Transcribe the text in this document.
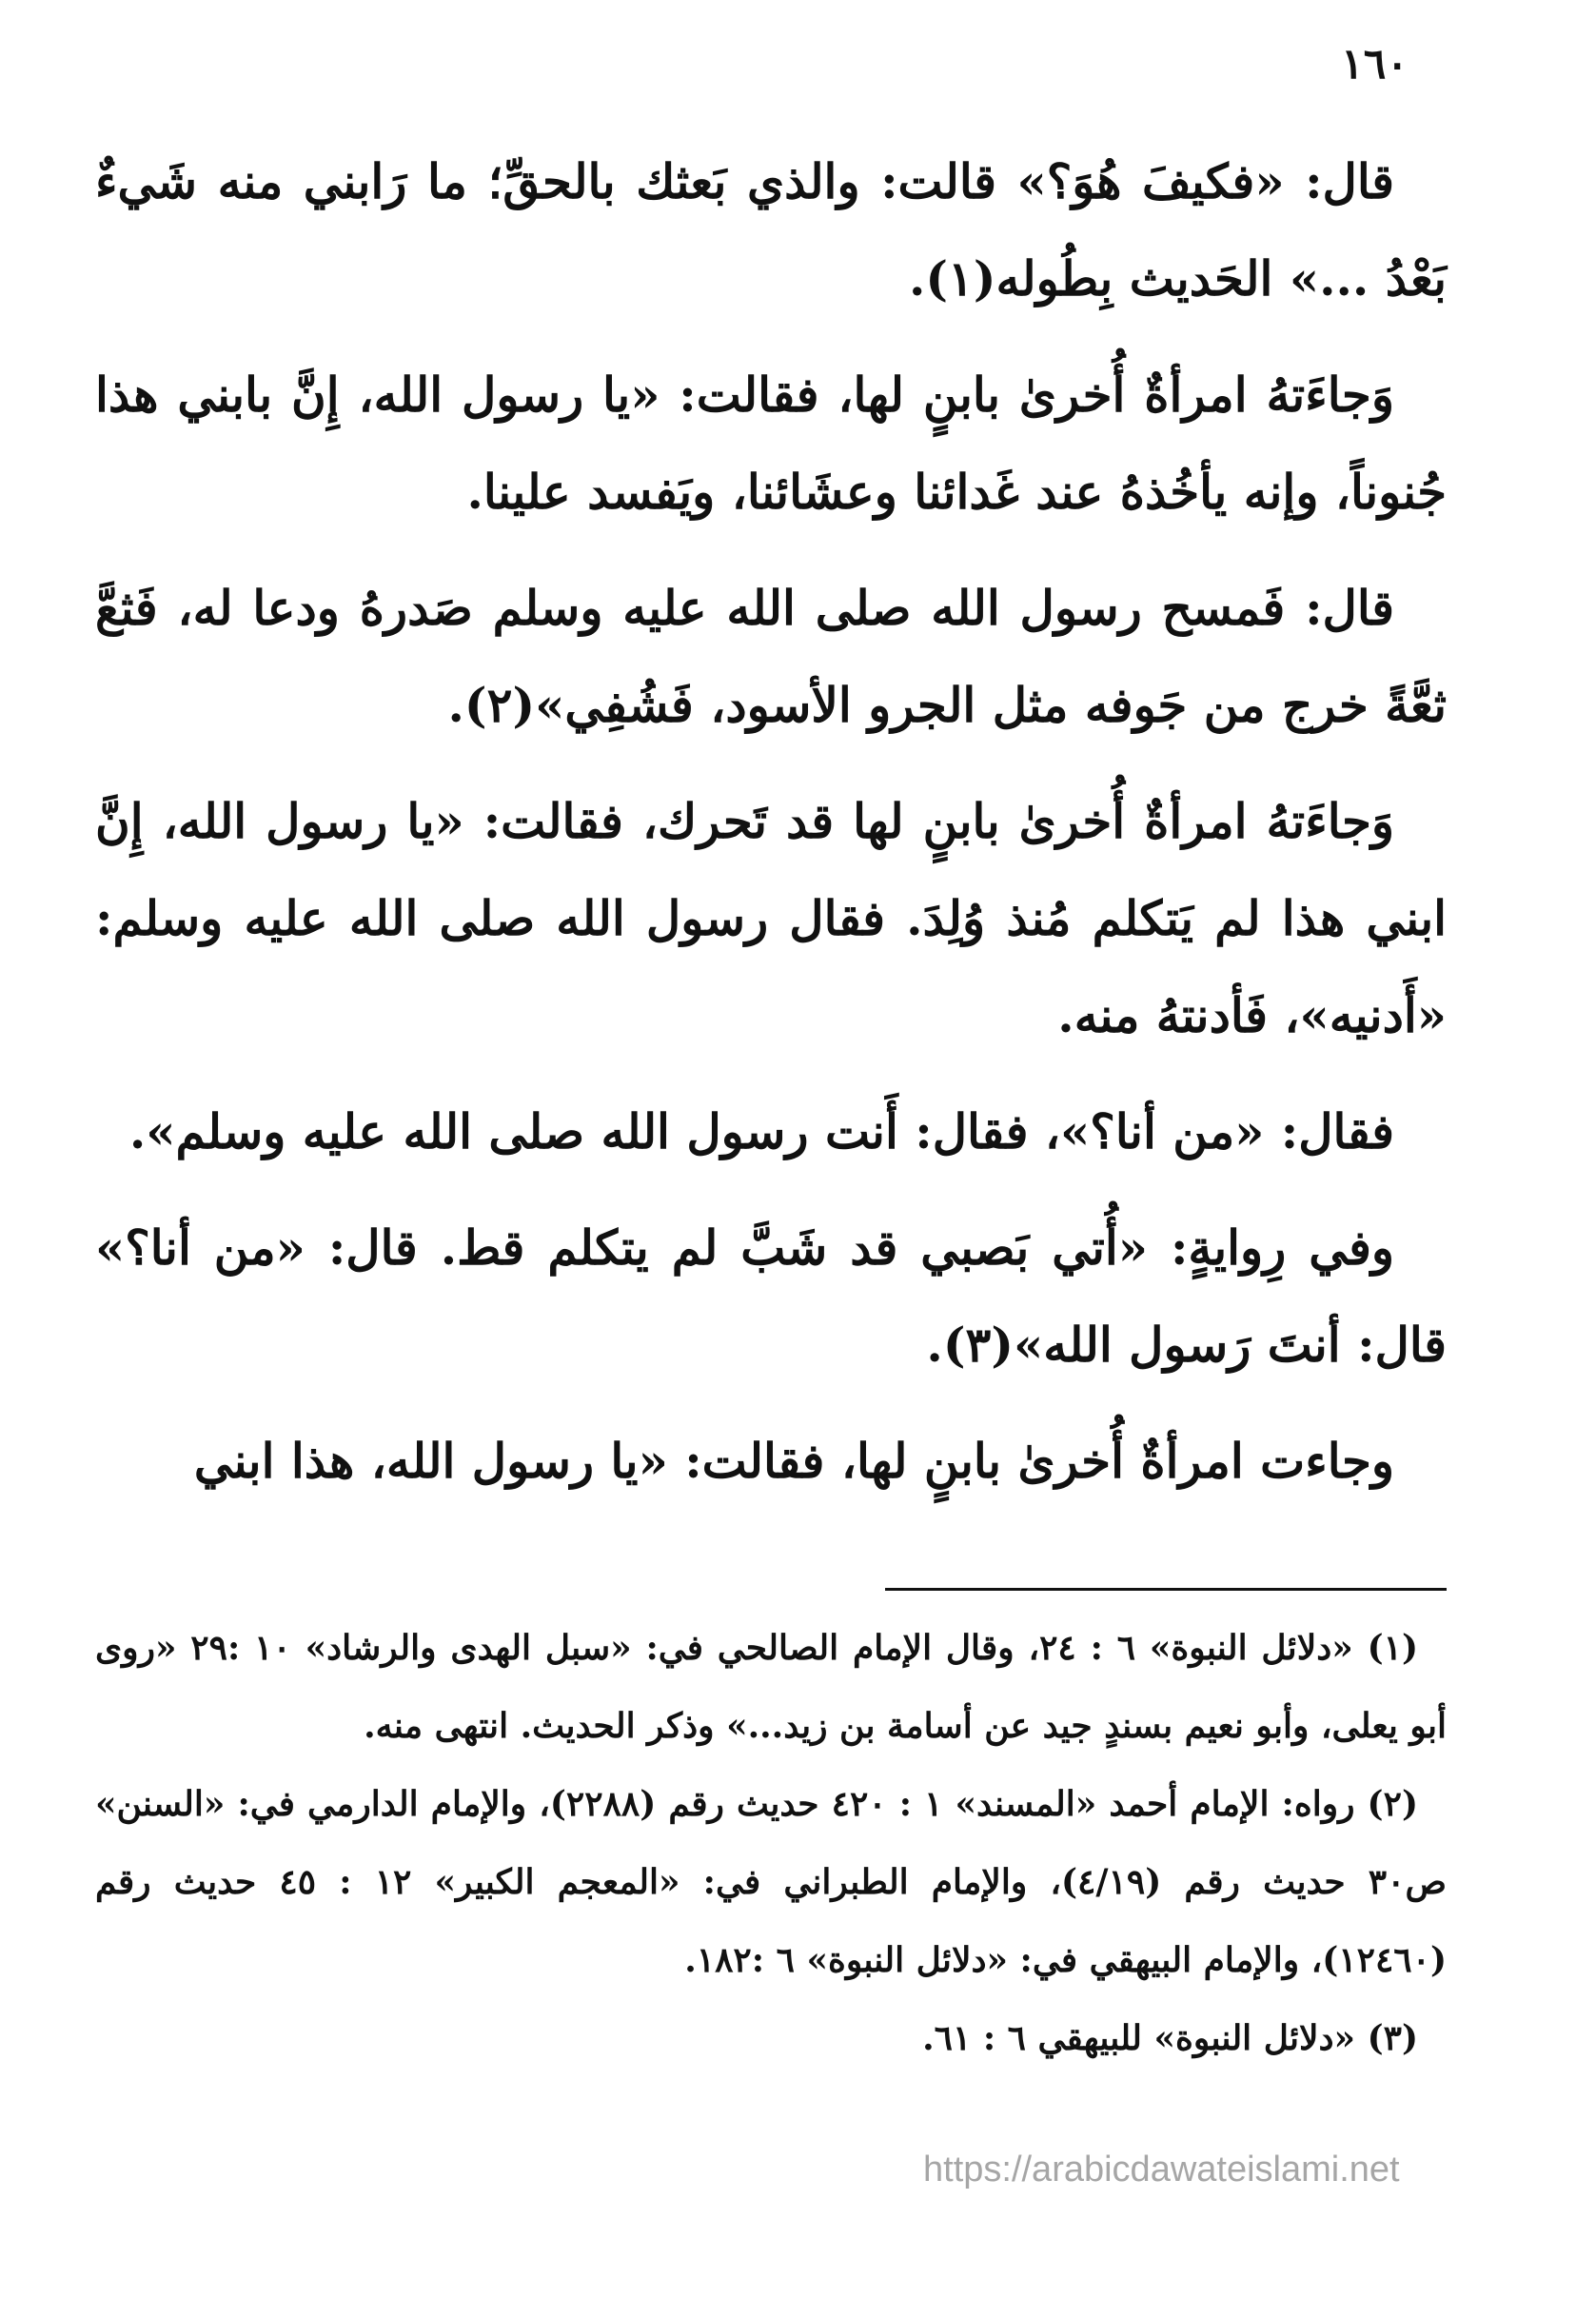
١٦٠

قال: «فكيفَ هُوَ؟» قالت: والذي بَعثك بالحقِّ؛ ما رَابني منه شَيءٌ بَعْدُ ...» الحَديث بِطُوله(١).

وَجاءَتهُ امرأةٌ أُخرىٰ بابنٍ لها، فقالت: «يا رسول الله، إِنَّ بابني هذا جُنوناً، وإنه يأخُذهُ عند غَدائنا وعشَائنا، ويَفسد علينا.

قال: فَمسح رسول الله صلى الله عليه وسلم صَدرهُ ودعا له، فَثعَّ ثعَّةً خرج من جَوفه مثل الجرو الأسود، فَشُفِي»(٢).

وَجاءَتهُ امرأةٌ أُخرىٰ بابنٍ لها قد تَحرك، فقالت: «يا رسول الله، إِنَّ ابني هذا لم يَتكلم مُنذ وُلِدَ. فقال رسول الله صلى الله عليه وسلم: «أَدنيه»، فَأدنتهُ منه.

فقال: «من أنا؟»، فقال: أَنت رسول الله صلى الله عليه وسلم».

وفي رِوايةٍ: «أُتي بَصبي قد شَبَّ لم يتكلم قط. قال: «من أنا؟» قال: أنتَ رَسول الله»(٣).

وجاءت امرأةٌ أُخرىٰ بابنٍ لها، فقالت: «يا رسول الله، هذا ابني

(١) «دلائل النبوة» ٦ : ٢٤، وقال الإمام الصالحي في: «سبل الهدى والرشاد» ١٠ :٢٩ «روى أبو يعلى، وأبو نعيم بسندٍ جيد عن أسامة بن زيد...» وذكر الحديث. انتهى منه.

(٢) رواه: الإمام أحمد «المسند» ١ : ٤٢٠ حديث رقم (٢٢٨٨)، والإمام الدارمي في: «السنن» ص٣٠ حديث رقم (٤/١٩)، والإمام الطبراني في: «المعجم الكبير» ١٢ : ٤٥ حديث رقم (١٢٤٦٠)، والإمام البيهقي في: «دلائل النبوة» ٦ :١٨٢.

(٣) «دلائل النبوة» للبيهقي ٦ : ٦١.

https://arabicdawateislami.net
